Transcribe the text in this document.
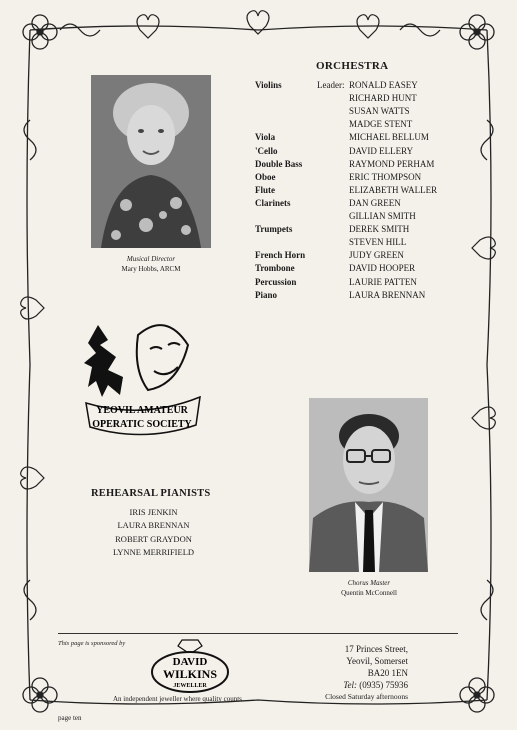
ORCHESTRA
Violins	Leader: RONALD EASEY
RICHARD HUNT
SUSAN WATTS
MADGE STENT
Viola	MICHAEL BELLUM
'Cello	DAVID ELLERY
Double Bass	RAYMOND PERHAM
Oboe	ERIC THOMPSON
Flute	ELIZABETH WALLER
Clarinets	DAN GREEN
GILLIAN SMITH
Trumpets	DEREK SMITH
STEVEN HILL
French Horn	JUDY GREEN
Trombone	DAVID HOOPER
Percussion	LAURIE PATTEN
Piano	LAURA BRENNAN
Musical Director
Mary Hobbs, ARCM
YEOVIL AMATEUR
OPERATIC SOCIETY
REHEARSAL PIANISTS
IRIS JENKIN
LAURA BRENNAN
ROBERT GRAYDON
LYNNE MERRIFIELD
Chorus Master
Quentin McConnell
This page is sponsored by
DAVID
WILKINS
JEWELLER
An independent jeweller where quality counts
17 Princes Street,
Yeovil, Somerset
BA20 1EN
Tel: (0935) 75936
Closed Saturday afternoons
page ten
